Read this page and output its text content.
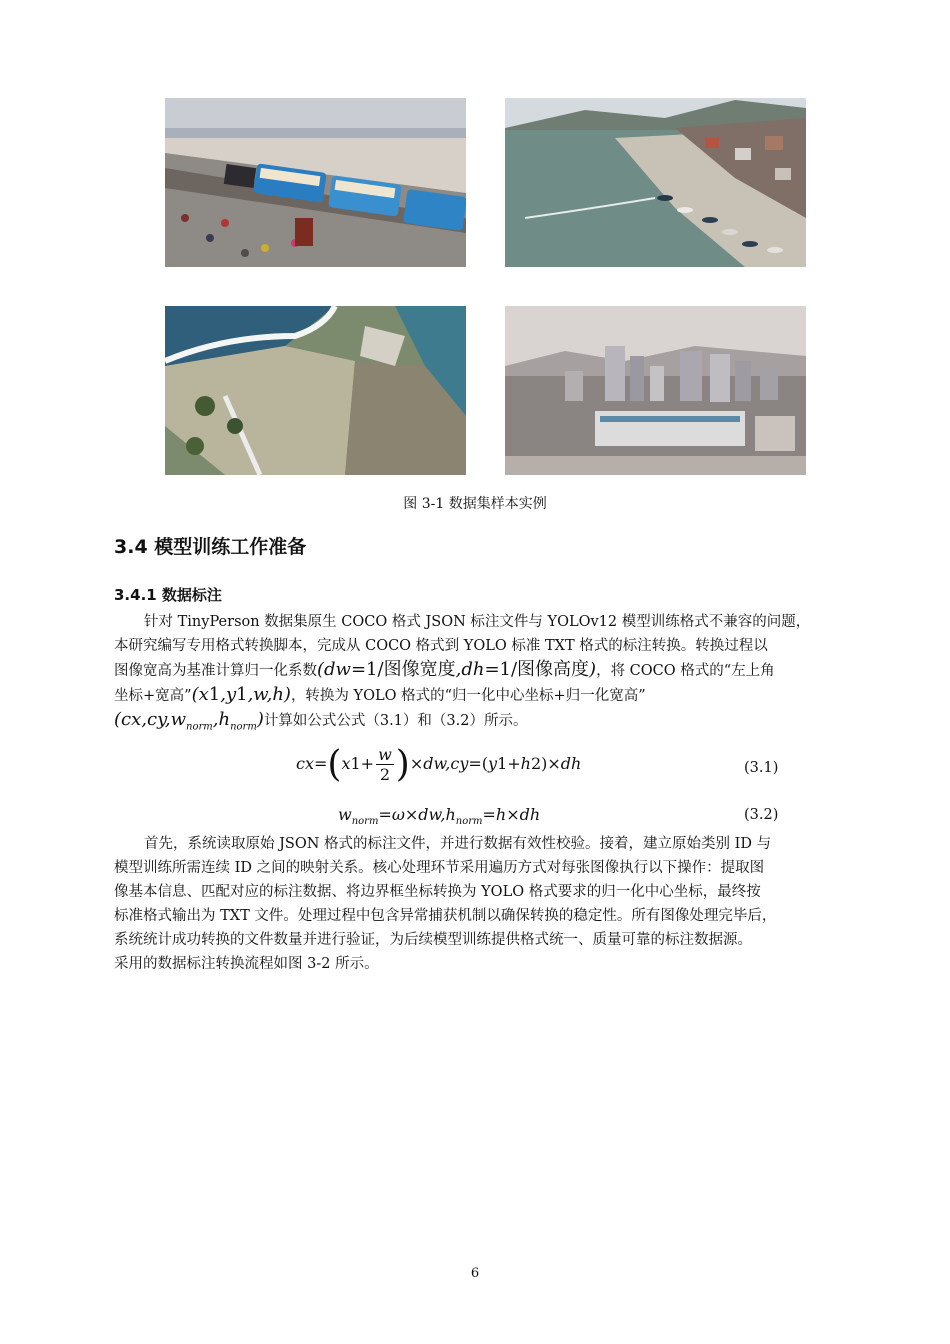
图 3-1 数据集样本实例
3.4 模型训练工作准备
3.4.1 数据标注
针对 TinyPerson 数据集原生 COCO 格式 JSON 标注文件与 YOLOv12 模型训练格式不兼容的问题，
本研究编写专用格式转换脚本，完成从 COCO 格式到 YOLO 标准 TXT 格式的标注转换。转换过程以
图像宽高为基准计算归一化系数(dw=1/图像宽度,dh=1/图像高度)，将 COCO 格式的“左上角
坐标+宽高”(x1,y1,w,h)，转换为 YOLO 格式的“归一化中心坐标+归一化宽高”
$(cx,cy,w_{norm},h_{norm})$计算如公式公式（3.1）和（3.2）所示。
$cx=(x1+ \frac{w}{2} )\times dw,cy=(y1+h2)\times dh$	(3.1)
$w_{norm}=\omega\times dw,h_{norm}=h\times dh$	(3.2)
首先，系统读取原始 JSON 格式的标注文件，并进行数据有效性校验。接着，建立原始类别 ID 与
模型训练所需连续 ID 之间的映射关系。核心处理环节采用遍历方式对每张图像执行以下操作：提取图
像基本信息、匹配对应的标注数据、将边界框坐标转换为 YOLO 格式要求的归一化中心坐标，最终按
标准格式输出为 TXT 文件。处理过程中包含异常捕获机制以确保转换的稳定性。所有图像处理完毕后，
系统统计成功转换的文件数量并进行验证，为后续模型训练提供格式统一、质量可靠的标注数据源。
采用的数据标注转换流程如图 3-2 所示。
6
